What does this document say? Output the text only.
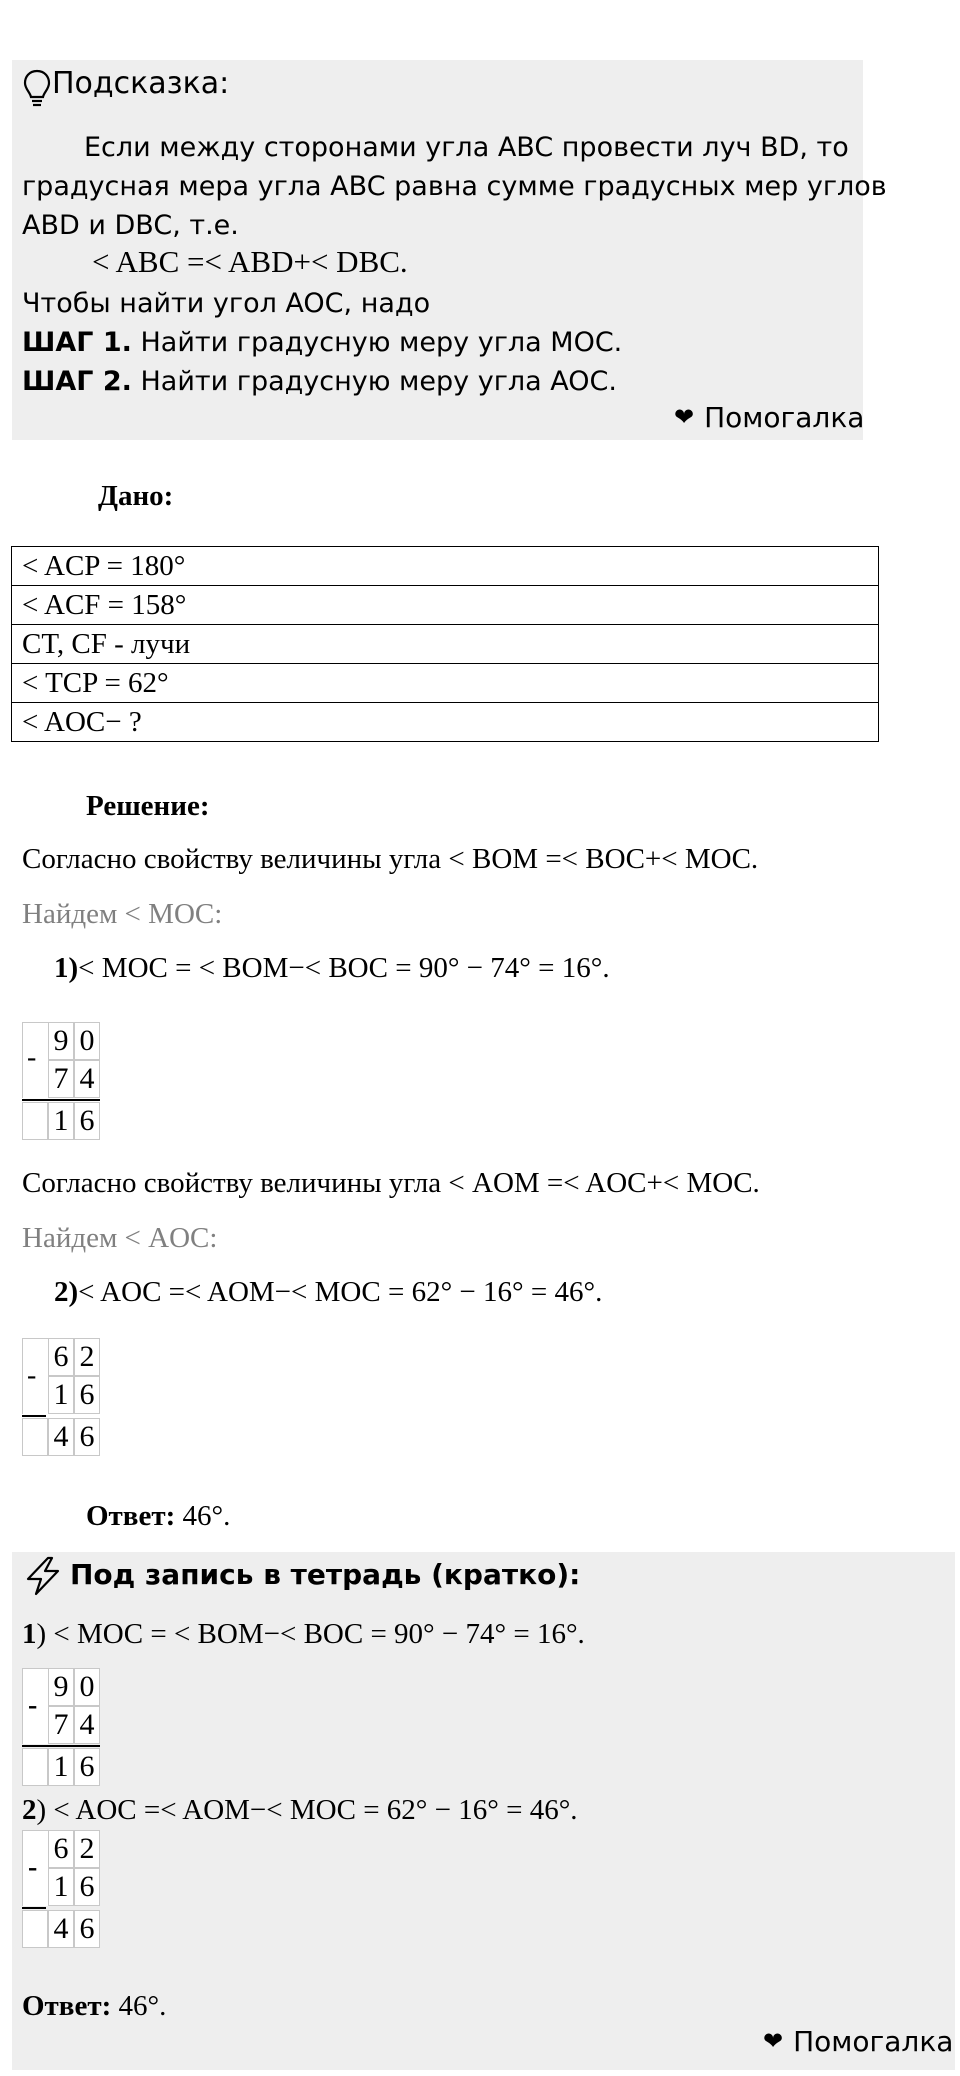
Подсказка:
Если между сторонами угла ABC провести луч BD, то
градусная мера угла ABC равна сумме градусных мер углов
ABD и DBC, т.е.
< ABC =< ABD+< DBC.
Чтобы найти угол AOC, надо
ШАГ 1. Найти градусную меру угла MOC.
ШАГ 2. Найти градусную меру угла AOC.
❤ Помогалка
Дано:
< ACP = 180°
< ACF = 158°
CT, CF - лучи
< TCP = 62°
< AOC− ?
Решение:
Согласно свойству величины угла < BOM =< BOC+< MOC.
Найдем < MOC:
1)< MOC = < BOM−< BOC = 90° − 74° = 16°.
-
9 0
7 4
1 6
Согласно свойству величины угла < AOM =< AOC+< MOC.
Найдем < AOC:
2)< AOC =< AOM−< MOC = 62° − 16° = 46°.
-
6 2
1 6
4 6
Ответ: 46°.
Под запись в тетрадь (кратко):
1) < MOC = < BOM−< BOC = 90° − 74° = 16°.
-
9 0
7 4
1 6
2) < AOC =< AOM−< MOC = 62° − 16° = 46°.
-
6 2
1 6
4 6
Ответ: 46°.
❤ Помогалка
